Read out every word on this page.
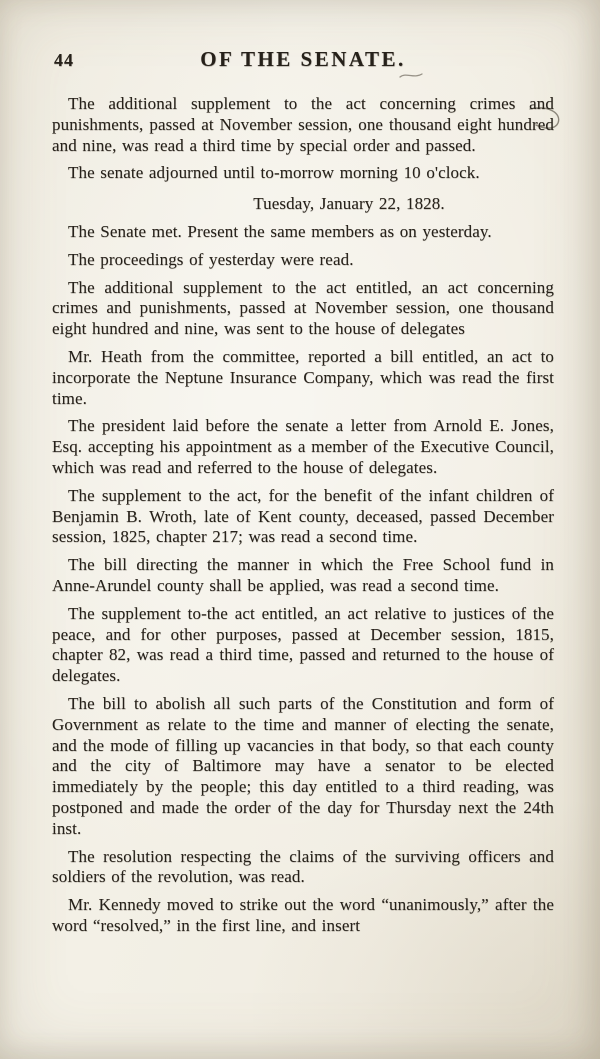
44	OF THE SENATE.

The additional supplement to the act concerning crimes and punishments, passed at November session, one thousand eight hundred and nine, was read a third time by special order and passed.

The senate adjourned until to-morrow morning 10 o'clock.

Tuesday, January 22, 1828.

The Senate met. Present the same members as on yesterday.

The proceedings of yesterday were read.

The additional supplement to the act entitled, an act concerning crimes and punishments, passed at November session, one thousand eight hundred and nine, was sent to the house of delegates

Mr. Heath from the committee, reported a bill entitled, an act to incorporate the Neptune Insurance Company, which was read the first time.

The president laid before the senate a letter from Arnold E. Jones, Esq. accepting his appointment as a member of the Executive Council, which was read and referred to the house of delegates.

The supplement to the act, for the benefit of the infant children of Benjamin B. Wroth, late of Kent county, deceased, passed December session, 1825, chapter 217; was read a second time.

The bill directing the manner in which the Free School fund in Anne-Arundel county shall be applied, was read a second time.

The supplement to-the act entitled, an act relative to justices of the peace, and for other purposes, passed at December session, 1815, chapter 82, was read a third time, passed and returned to the house of delegates.

The bill to abolish all such parts of the Constitution and form of Government as relate to the time and manner of electing the senate, and the mode of filling up vacancies in that body, so that each county and the city of Baltimore may have a senator to be elected immediately by the people; this day entitled to a third reading, was postponed and made the order of the day for Thursday next the 24th inst.

The resolution respecting the claims of the surviving officers and soldiers of the revolution, was read.

Mr. Kennedy moved to strike out the word “unanimously,” after the word “resolved,” in the first line, and insert
